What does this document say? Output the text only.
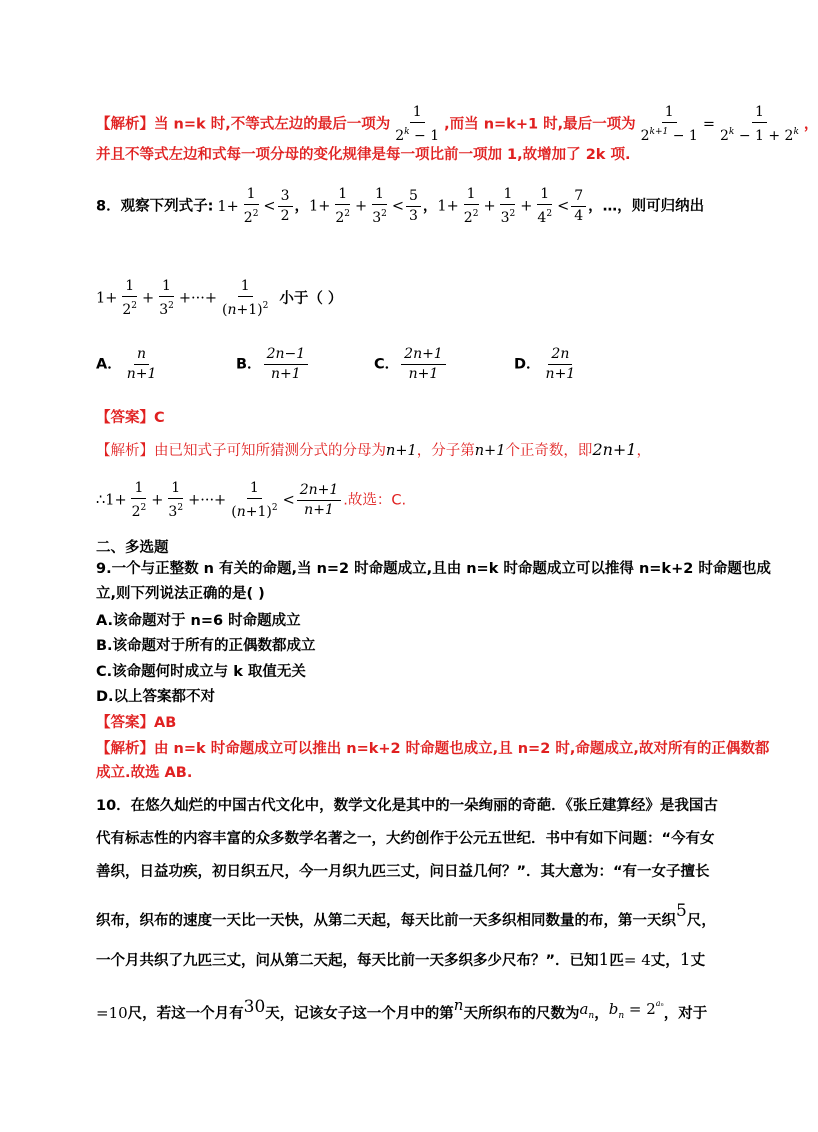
【解析】当 n=k 时,不等式左边的最后一项为 $\frac{1}{2^k - 1}$ ,而当 n=k+1 时,最后一项为 $\frac{1}{2^{k+1} - 1} = \frac{1}{2^k - 1 + 2^k}$ ，
并且不等式左边和式每一项分母的变化规律是每一项比前一项加 1,故增加了 2k 项.
8．观察下列式子: $1+ \frac{1}{2^2} < \frac{3}{2}$ ，$1+ \frac{1}{2^2} + \frac{1}{3^2} < \frac{5}{3}$ ，$1+ \frac{1}{2^2} + \frac{1}{3^2} + \frac{1}{4^2} < \frac{7}{4}$ ，…，则可归纳出
$1+ \frac{1}{2^2} + \frac{1}{3^2}$ +···+ $\frac{1}{(n+1)^2}$ 小于（ ）
A． $\frac{n}{n+1}$	B． $\frac{2n-1}{n+1}$	C． $\frac{2n+1}{n+1}$	D． $\frac{2n}{n+1}$
【答案】C
【解析】由已知式子可知所猜测分式的分母为n+1，分子第n+1个正奇数，即2n+1，
∴1+ $\frac{1}{2^2} + \frac{1}{3^2}$ +···+ $\frac{1}{(n+1)^2} < \frac{2n+1}{n+1}$ .故选：C.
二、多选题
9.一个与正整数 n 有关的命题,当 n=2 时命题成立,且由 n=k 时命题成立可以推得 n=k+2 时命题也成
立,则下列说法正确的是( )
A.该命题对于 n=6 时命题成立
B.该命题对于所有的正偶数都成立
C.该命题何时成立与 k 取值无关
D.以上答案都不对
【答案】AB
【解析】由 n=k 时命题成立可以推出 n=k+2 时命题也成立,且 n=2 时,命题成立,故对所有的正偶数都
成立.故选 AB.
10．在悠久灿烂的中国古代文化中，数学文化是其中的一朵绚丽的奇葩．《张丘建算经》是我国古
代有标志性的内容丰富的众多数学名著之一，大约创作于公元五世纪．书中有如下问题：“今有女
善织，日益功疾，初日织五尺，今一月织九匹三丈，问日益几何？”．其大意为：“有一女子擅长
织布，织布的速度一天比一天快，从第二天起，每天比前一天多织相同数量的布，第一天织5尺，
一个月共织了九匹三丈，问从第二天起，每天比前一天多织多少尺布？”．已知1匹= 4丈，1丈
=10尺，若这一个月有30天，记该女子这一个月中的第n天所织布的尺数为$a_n$，$b_n = 2^{a_n}$，对于
